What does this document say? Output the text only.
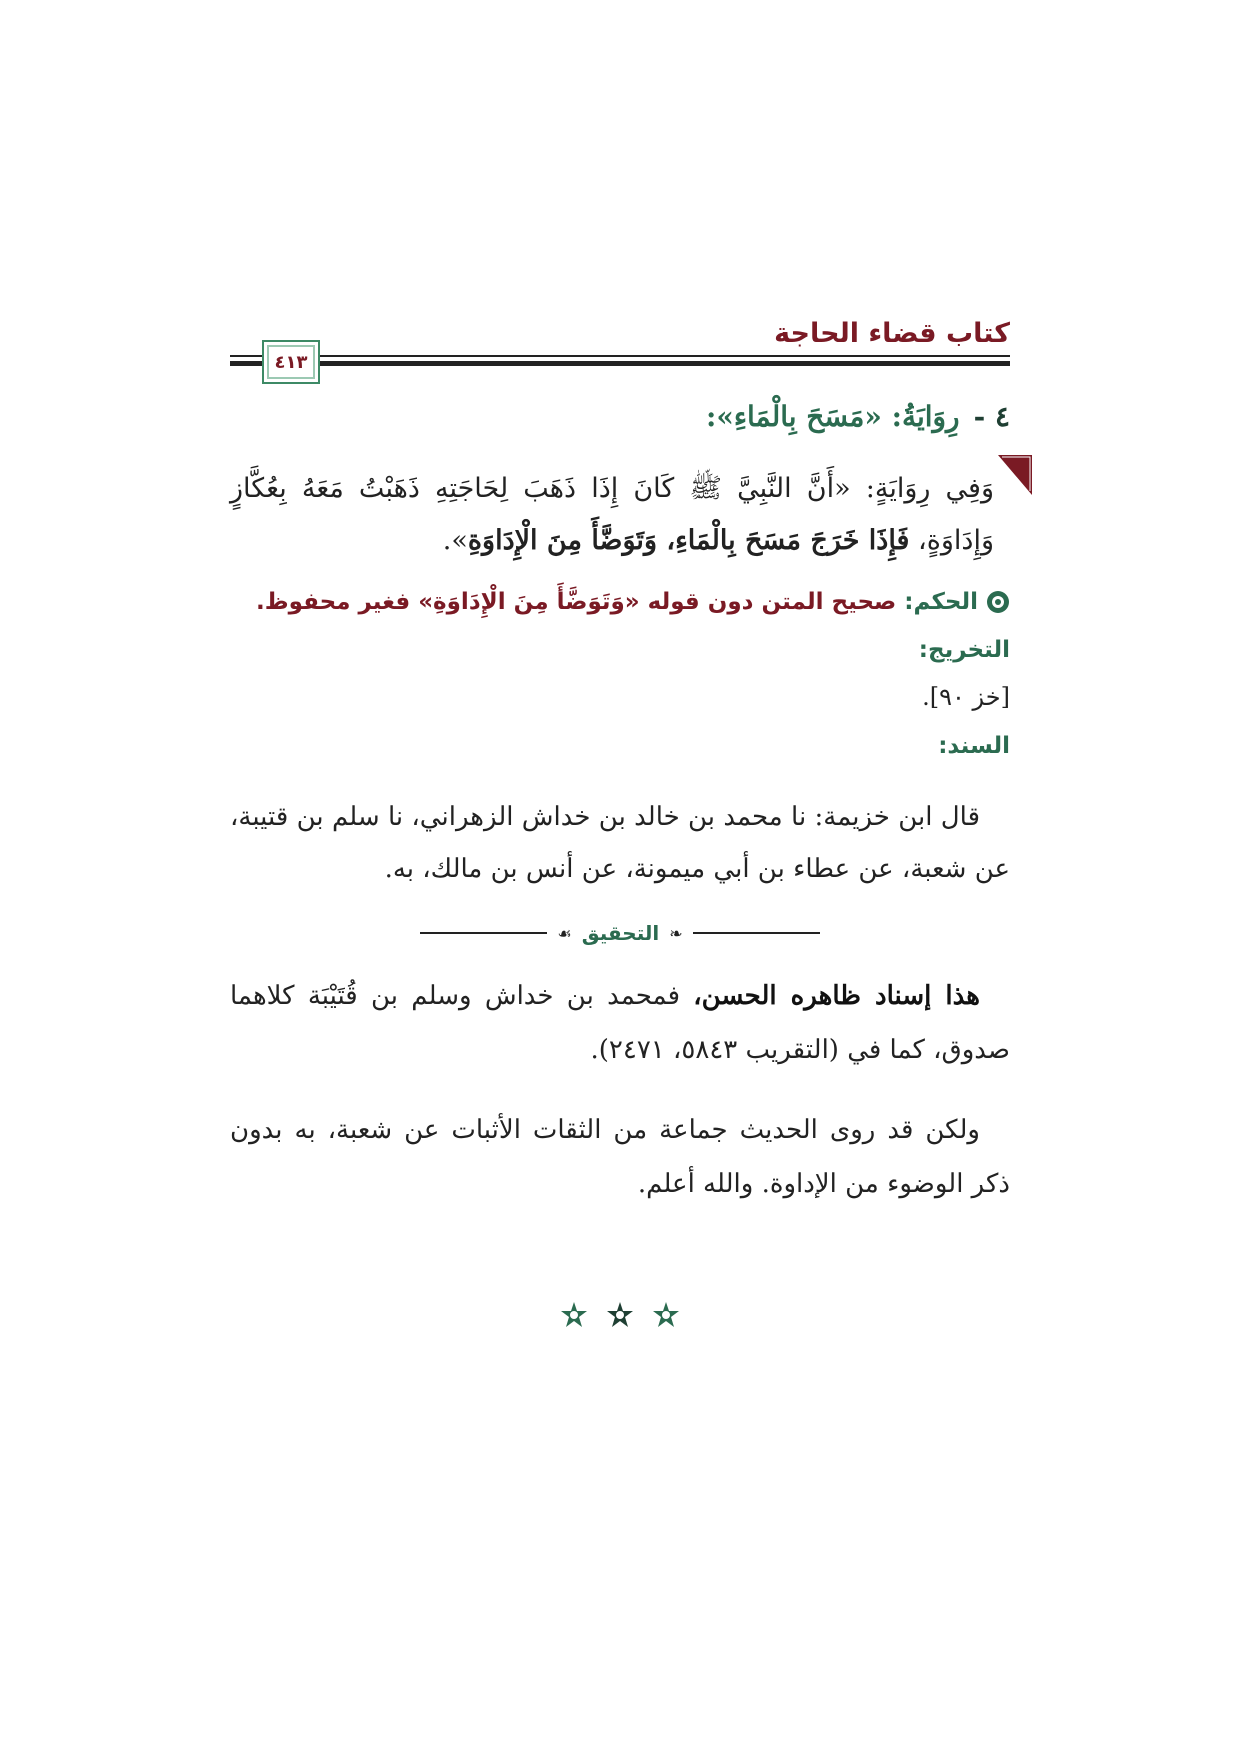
كتاب قضاء الحاجة
٤١٣
٤ -
رِوَايَةُ: «مَسَحَ بِالْمَاءِ»:
وَفِي رِوَايَةٍ: «أَنَّ النَّبِيَّ ﷺ كَانَ إِذَا ذَهَبَ لِحَاجَتِهِ ذَهَبْتُ مَعَهُ بِعُكَّازٍ وَإِدَاوَةٍ، فَإِذَا خَرَجَ مَسَحَ بِالْمَاءِ، وَتَوَضَّأَ مِنَ الْإِدَاوَةِ».
الحكم:
صحيح المتن دون قوله «وَتَوَضَّأَ مِنَ الْإِدَاوَةِ» فغير محفوظ.
التخريج:
[خز ٩٠].
السند:

قال ابن خزيمة: نا محمد بن خالد بن خداش الزهراني، نا سلم بن قتيبة، عن شعبة، عن عطاء بن أبي ميمونة، عن أنس بن مالك، به.

❧
التحقيق
☙

هذا إسناد ظاهره الحسن، فمحمد بن خداش وسلم بن قُتَيْبَة كلاهما صدوق، كما في (التقريب ٥٨٤٣، ٢٤٧١).

ولكن قد روى الحديث جماعة من الثقات الأثبات عن شعبة، به بدون ذكر الوضوء من الإداوة. والله أعلم.
